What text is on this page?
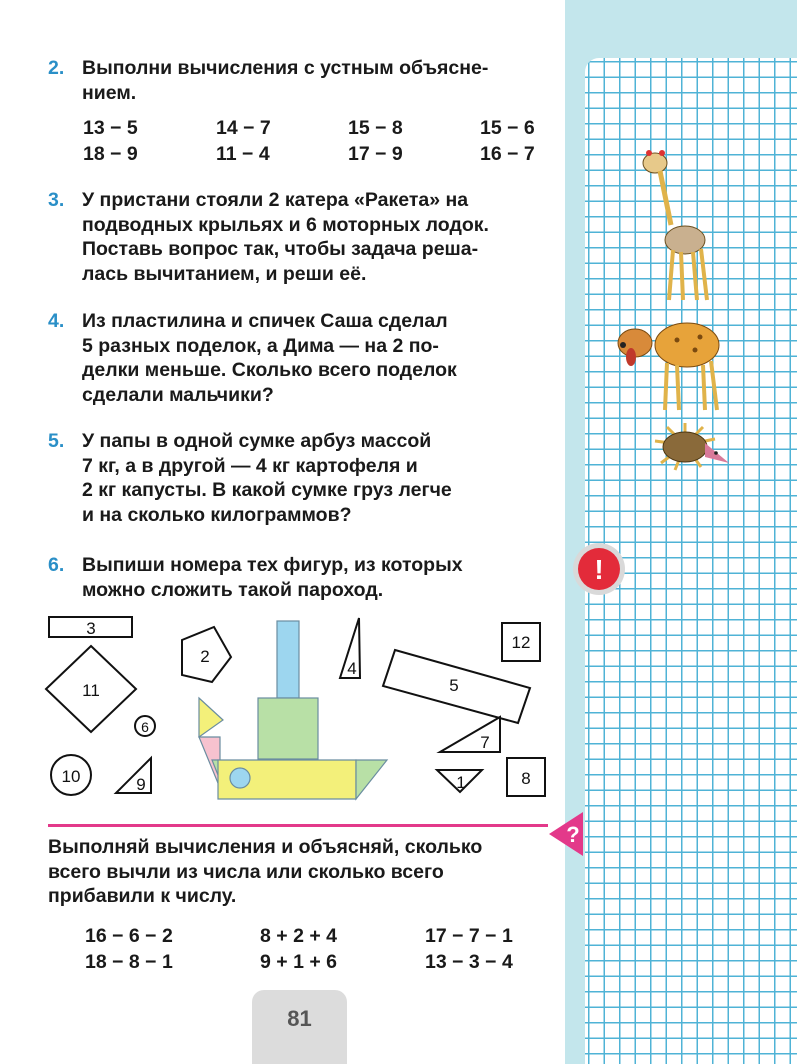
2. Выполни вычисления с устным объясне-
нием.
13 − 5	14 − 7	15 − 8	15 − 6
18 − 9	11 − 4	17 − 9	16 − 7
3. У пристани стояли 2 катера «Ракета» на
подводных крыльях и 6 моторных лодок.
Поставь вопрос так, чтобы задача реша-
лась вычитанием, и реши её.
4. Из пластилина и спичек Саша сделал
5 разных поделок, а Дима — на 2 по-
делки меньше. Сколько всего поделок
сделали мальчики?
5. У папы в одной сумке арбуз массой
7 кг, а в другой — 4 кг картофеля и
2 кг капусты. В какой сумке груз легче
и на сколько килограммов?
6. Выпиши номера тех фигур, из которых
можно сложить такой пароход.
!
3
11
2
6
10	9
4
5
12
7
1	8
?
Выполняй вычисления и объясняй, сколько
всего вычли из числа или сколько всего
прибавили к числу.
16 − 6 − 2	8 + 2 + 4	17 − 7 − 1
18 − 8 − 1	9 + 1 + 6	13 − 3 − 4
81
